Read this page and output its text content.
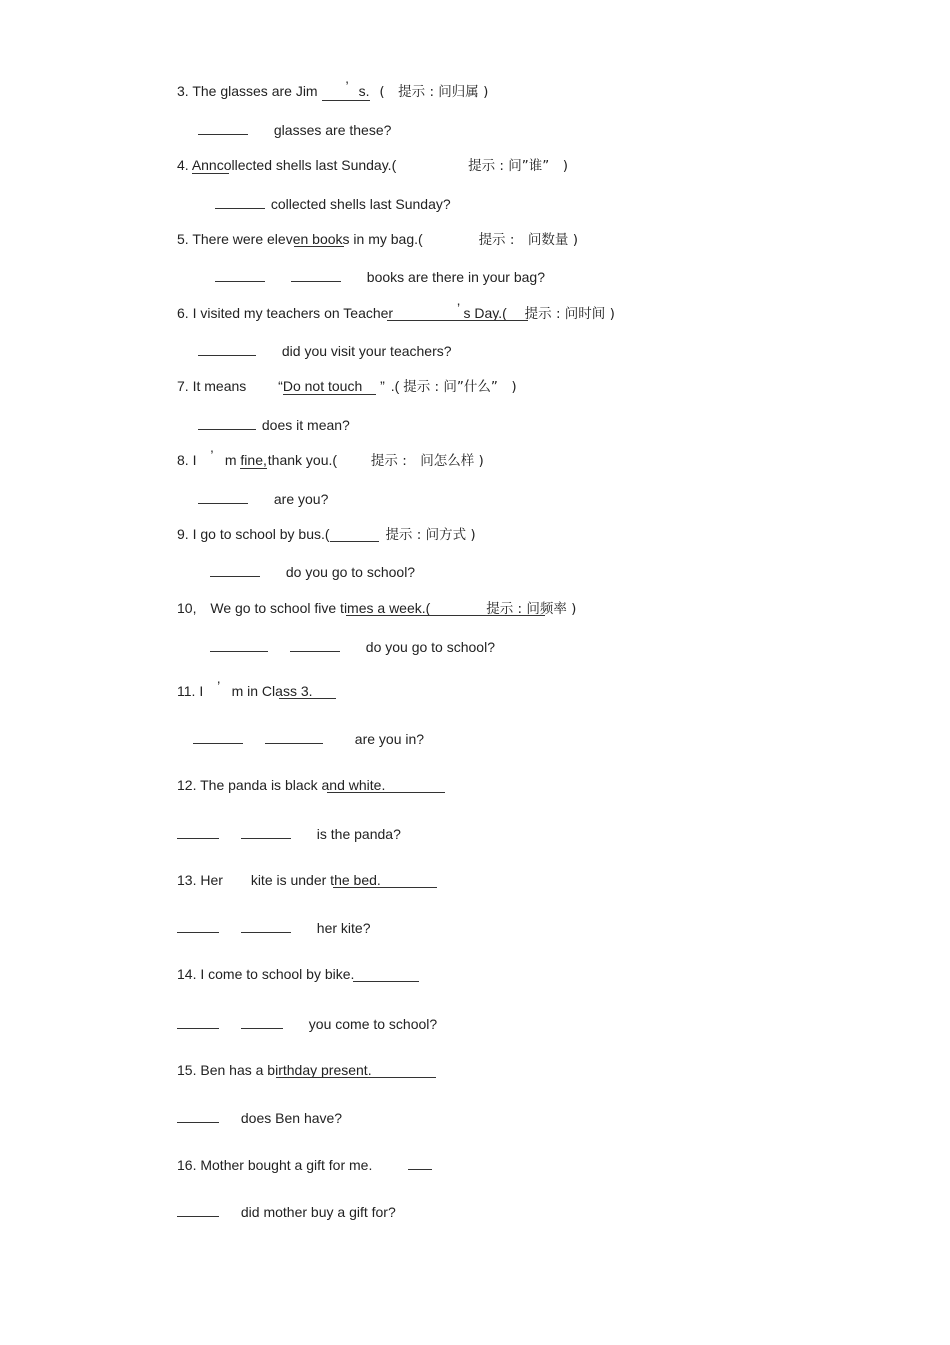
3. The glasses are Jim ’ s. (　提示 : 问归属 )
glasses are these?
4. Anncollected shells last Sunday.(	提示 : 问”谁”　)
collected shells last Sunday?
5. There were eleven books in my bag.(	提示 :　问数量 )
books are there in your bag?
6. I visited my teachers on Teacher	’ s Day.( 提示 : 问时间 )
did you visit your teachers?
7. It means “Do not touch ” .( 提示 : 问”什么”　)
does it mean?
8. I ’ m fine, thank you.(	提示 :　问怎么样 )
are you?
9. I go to school by bus.(	提示 : 问方式 )
do you go to school?
10, We go to school five times a week.(	提示 : 问频率 )
do you go to school?
11. I ’ m in Class 3.
are you in?
12. The panda is black and white.
is the panda?
13. Her kite is under the bed.
her kite?
14. I come to school by bike.
you come to school?
15. Ben has a birthday present.
does Ben have?
16. Mother bought a gift for me.
did mother buy a gift for?
